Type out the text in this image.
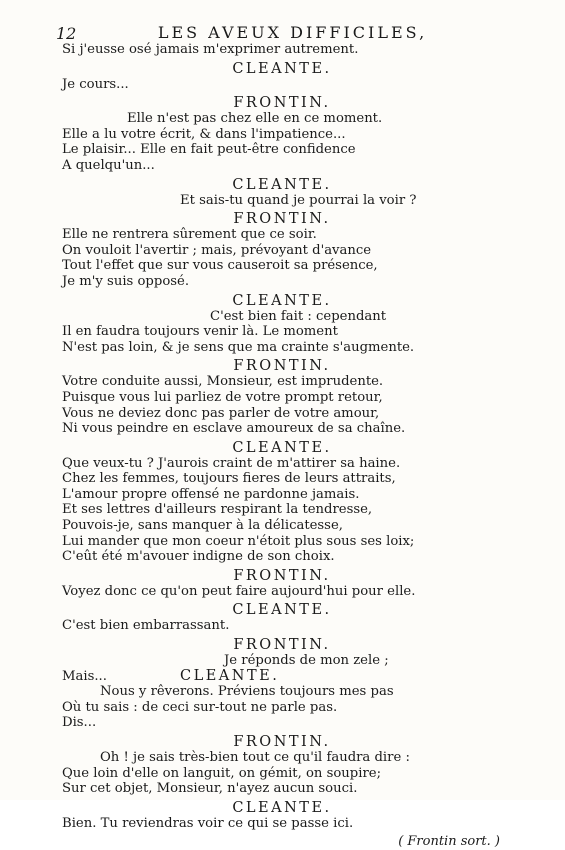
12	LES AVEUX DIFFICILES,
Si j'eusse osé jamais m'exprimer autrement.
CLEANTE.
Je cours...
FRONTIN.
Elle n'est pas chez elle en ce moment.
Elle a lu votre écrit, & dans l'impatience...
Le plaisir... Elle en fait peut-être confidence
A quelqu'un...
CLEANTE.
Et sais-tu quand je pourrai la voir ?
FRONTIN.
Elle ne rentrera sûrement que ce soir.
On vouloit l'avertir ; mais, prévoyant d'avance
Tout l'effet que sur vous causeroit sa présence,
Je m'y suis opposé.
CLEANTE.
C'est bien fait : cependant
Il en faudra toujours venir là. Le moment
N'est pas loin, & je sens que ma crainte s'augmente.
FRONTIN.
Votre conduite aussi, Monsieur, est imprudente.
Puisque vous lui parliez de votre prompt retour,
Vous ne deviez donc pas parler de votre amour,
Ni vous peindre en esclave amoureux de sa chaîne.
CLEANTE.
Que veux-tu ? J'aurois craint de m'attirer sa haine.
Chez les femmes, toujours fieres de leurs attraits,
L'amour propre offensé ne pardonne jamais.
Et ses lettres d'ailleurs respirant la tendresse,
Pouvois-je, sans manquer à la délicatesse,
Lui mander que mon coeur n'étoit plus sous ses loix;
C'eût été m'avouer indigne de son choix.
FRONTIN.
Voyez donc ce qu'on peut faire aujourd'hui pour elle.
CLEANTE.
C'est bien embarrassant.
FRONTIN.
Je réponds de mon zele ;
Mais...	CLEANTE.
Nous y rêverons. Préviens toujours mes pas
Où tu sais : de ceci sur-tout ne parle pas.
Dis...
FRONTIN.
Oh ! je sais très-bien tout ce qu'il faudra dire :
Que loin d'elle on languit, on gémit, on soupire;
Sur cet objet, Monsieur, n'ayez aucun souci.
CLEANTE.
Bien. Tu reviendras voir ce qui se passe ici.
( Frontin sort. )
